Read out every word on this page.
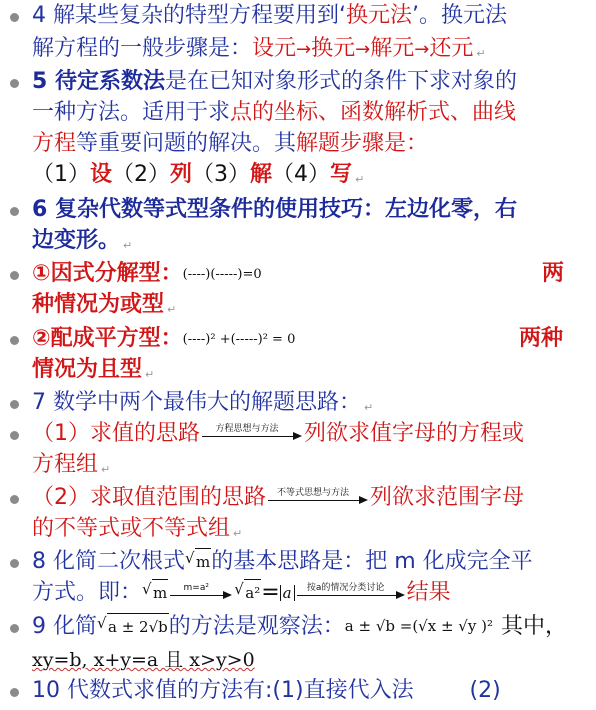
4 解某些复杂的特型方程要用到‘换元法’。换元法
解方程的一般步骤是：设元→换元→解元→还元 ↵
5 待定系数法是在已知对象形式的条件下求对象的
一种方法。适用于求点的坐标、函数解析式、曲线
方程等重要问题的解决。其解题步骤是：
（1）设（2）列（3）解（4）写 ↵
6 复杂代数等式型条件的使用技巧：左边化零，右
边变形。 ↵
①因式分解型：(----)(-----)=0	两
种情况为或型 ↵
②配成平方型：(----)² +(-----)² = 0	两种
情况为且型 ↵
7 数学中两个最伟大的解题思路： ↵
（1）求值的思路	方程思想与方法	列欲求值字母的方程或
方程组 ↵
（2）求取值范围的思路	不等式思想与方法 列欲求范围字母
的不等式或不等式组 ↵
8 化简二次根式 √ m的基本思路是：把 m 化成完全平
方式。即： √ m	m=a²	√ a²= a	按a的情况分类讨论	结果
9 化简 √ a ± 2√b的方法是观察法：a ± √b =(√x ± √y )² 其中，
xy=b, x+y=a 且 x>y>0
10 代数式求值的方法有:(1)直接代入法        (2)
